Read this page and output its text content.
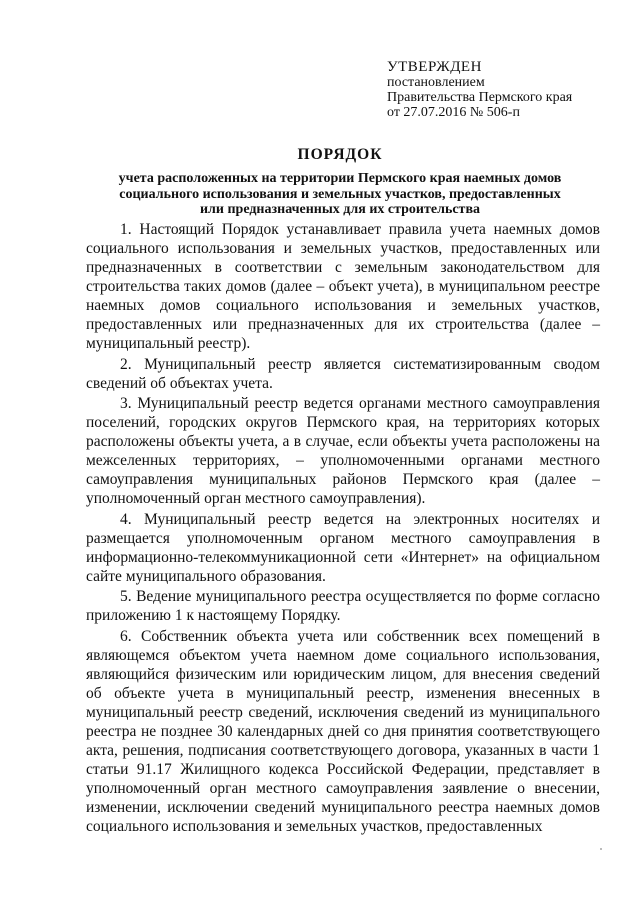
УТВЕРЖДЕН
постановлением
Правительства Пермского края
от 27.07.2016 № 506-п
ПОРЯДОК
учета расположенных на территории Пермского края наемных домов
социального использования и земельных участков, предоставленных
или предназначенных для их строительства

1. Настоящий Порядок устанавливает правила учета наемных домов социального использования и земельных участков, предоставленных или предназначенных в соответствии с земельным законодательством для строительства таких домов (далее – объект учета), в муниципальном реестре наемных домов социального использования и земельных участков, предоставленных или предназначенных для их строительства (далее – муниципальный реестр).

2. Муниципальный реестр является систематизированным сводом сведений об объектах учета.

3. Муниципальный реестр ведется органами местного самоуправления поселений, городских округов Пермского края, на территориях которых расположены объекты учета, а в случае, если объекты учета расположены на межселенных территориях, – уполномоченными органами местного самоуправления муниципальных районов Пермского края (далее – уполномоченный орган местного самоуправления).

4. Муниципальный реестр ведется на электронных носителях и размещается уполномоченным органом местного самоуправления в информационно-телекоммуникационной сети «Интернет» на официальном сайте муниципального образования.

5. Ведение муниципального реестра осуществляется по форме согласно приложению 1 к настоящему Порядку.

6. Собственник объекта учета или собственник всех помещений в являющемся объектом учета наемном доме социального использования, являющийся физическим или юридическим лицом, для внесения сведений об объекте учета в муниципальный реестр, изменения внесенных в муниципальный реестр сведений, исключения сведений из муниципального реестра не позднее 30 календарных дней со дня принятия соответствующего акта, решения, подписания соответствующего договора, указанных в части 1 статьи 91.17 Жилищного кодекса Российской Федерации, представляет в уполномоченный орган местного самоуправления заявление о внесении, изменении, исключении сведений муниципального реестра наемных домов социального использования и земельных участков, предоставленных
